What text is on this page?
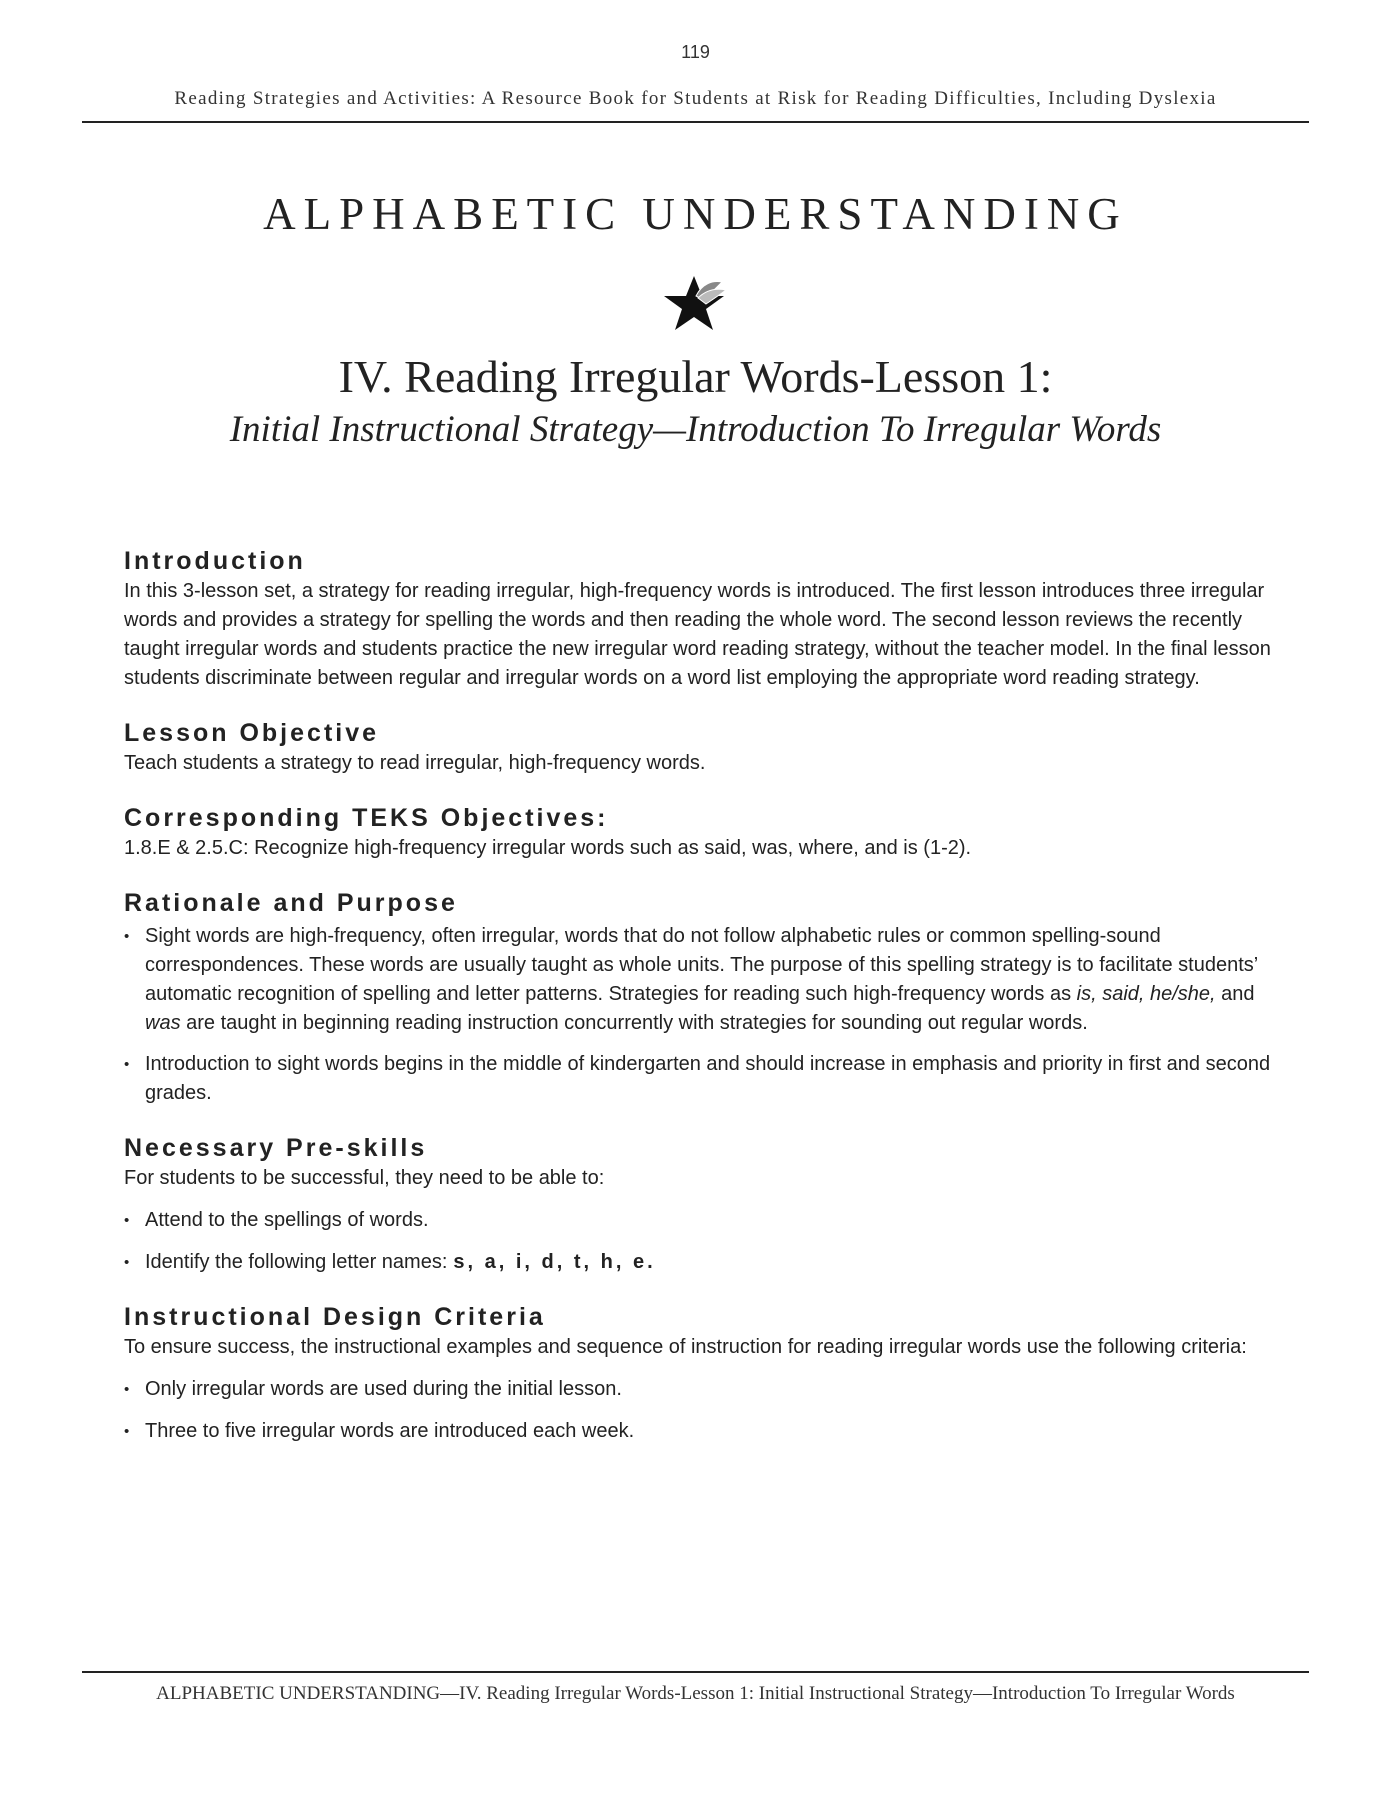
119
Reading Strategies and Activities: A Resource Book for Students at Risk for Reading Difficulties, Including Dyslexia
ALPHABETIC UNDERSTANDING
IV. Reading Irregular Words-Lesson 1:
Initial Instructional Strategy—Introduction To Irregular Words
Introduction

In this 3-lesson set, a strategy for reading irregular, high-frequency words is introduced. The first lesson introduces three irregular words and provides a strategy for spelling the words and then reading the whole word. The second lesson reviews the recently taught irregular words and students practice the new irregular word reading strategy, without the teacher model. In the final lesson students discriminate between regular and irregular words on a word list employing the appropriate word reading strategy.

Lesson Objective

Teach students a strategy to read irregular, high-frequency words.

Corresponding TEKS Objectives:

1.8.E & 2.5.C: Recognize high-frequency irregular words such as said, was, where, and is (1-2).

Rationale and Purpose
• Sight words are high-frequency, often irregular, words that do not follow alphabetic rules or common spelling-sound correspondences. These words are usually taught as whole units. The purpose of this spelling strategy is to facilitate students’ automatic recognition of spelling and letter patterns. Strategies for reading such high-frequency words as is, said, he/she, and was are taught in beginning reading instruction concurrently with strategies for sounding out regular words.
• Introduction to sight words begins in the middle of kindergarten and should increase in emphasis and priority in first and second grades.
Necessary Pre-skills

For students to be successful, they need to be able to:

• Attend to the spellings of words.
• Identify the following letter names: s, a, i, d, t, h, e.
Instructional Design Criteria

To ensure success, the instructional examples and sequence of instruction for reading irregular words use the following criteria:

• Only irregular words are used during the initial lesson.
• Three to five irregular words are introduced each week.
ALPHABETIC UNDERSTANDING—IV. Reading Irregular Words-Lesson 1: Initial Instructional Strategy—Introduction To Irregular Words
